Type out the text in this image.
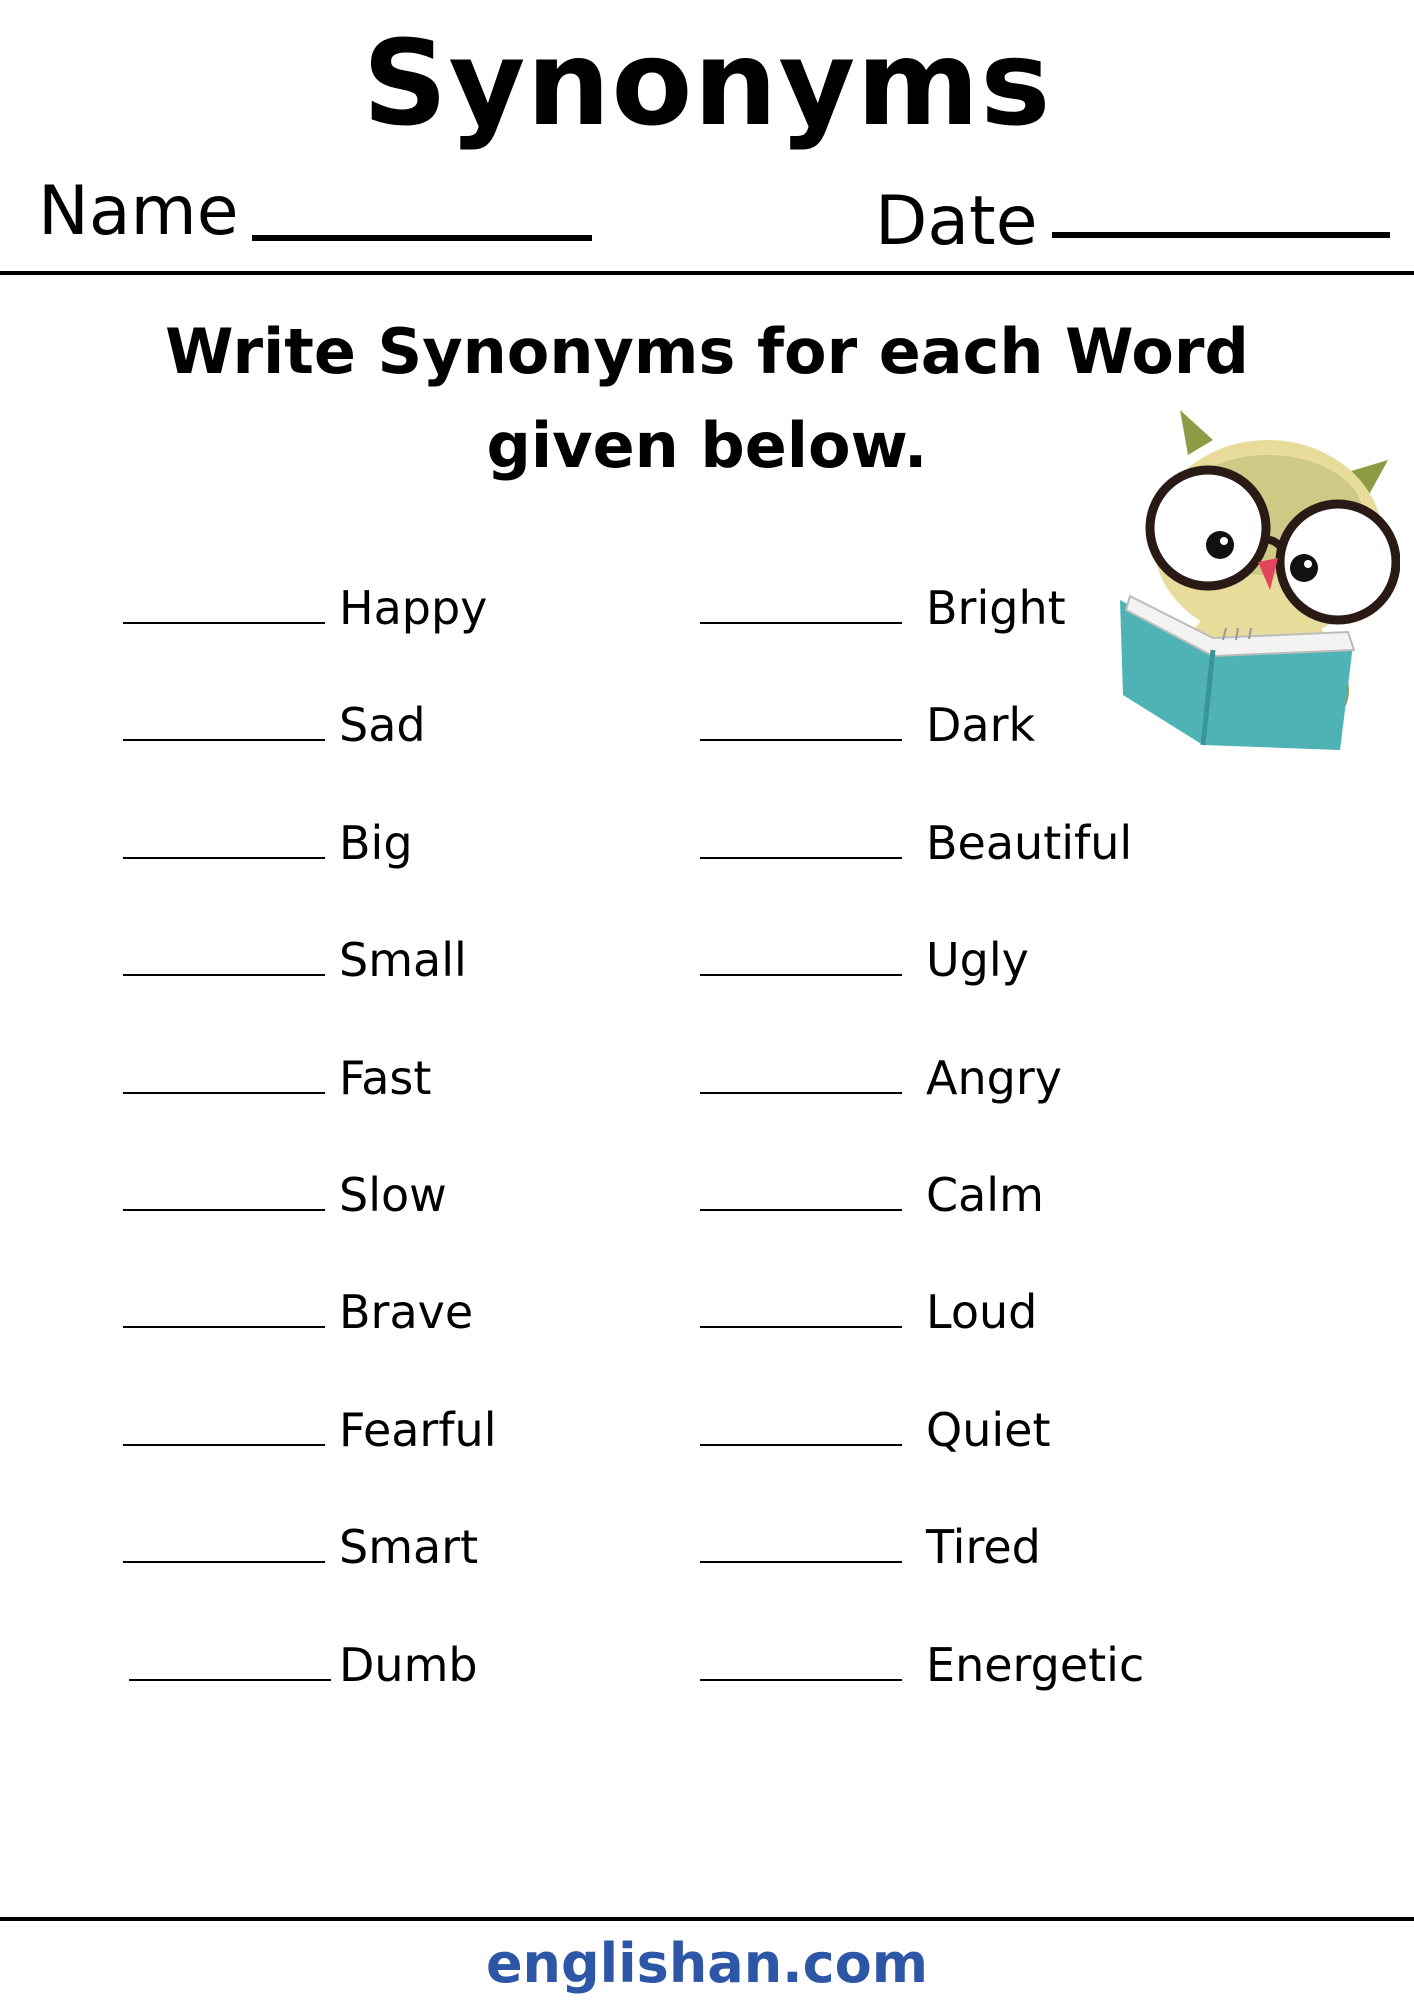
Synonyms
Name	Date
Write Synonyms for each Word
given below.
Happy
Sad
Big
Small
Fast
Slow
Brave
Fearful
Smart
Dumb
Bright
Dark
Beautiful
Ugly
Angry
Calm
Loud
Quiet
Tired
Energetic
englishan.com
